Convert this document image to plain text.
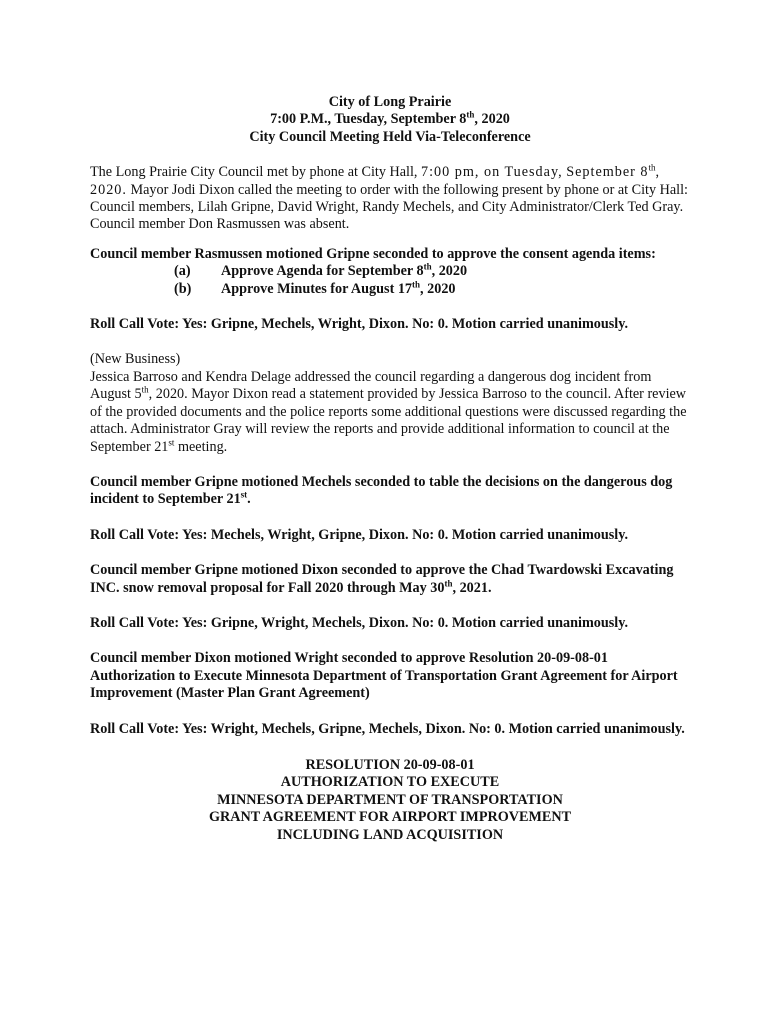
City of Long Prairie
7:00 P.M., Tuesday, September 8th, 2020
City Council Meeting Held Via-Teleconference

The Long Prairie City Council met by phone at City Hall, 7:00 pm, on Tuesday, September 8th, 2020. Mayor Jodi Dixon called the meeting to order with the following present by phone or at City Hall: Council members, Lilah Gripne, David Wright, Randy Mechels, and City Administrator/Clerk Ted Gray. Council member Don Rasmussen was absent.

Council member Rasmussen motioned Gripne seconded to approve the consent agenda items:

(a)	Approve Agenda for September 8th, 2020
(b)	Approve Minutes for August 17th, 2020

Roll Call Vote: Yes: Gripne, Mechels, Wright, Dixon. No: 0. Motion carried unanimously.

(New Business)

Jessica Barroso and Kendra Delage addressed the council regarding a dangerous dog incident from August 5th, 2020. Mayor Dixon read a statement provided by Jessica Barroso to the council. After review of the provided documents and the police reports some additional questions were discussed regarding the attach. Administrator Gray will review the reports and provide additional information to council at the September 21st meeting.

Council member Gripne motioned Mechels seconded to table the decisions on the dangerous dog incident to September 21st.

Roll Call Vote: Yes: Mechels, Wright, Gripne, Dixon. No: 0. Motion carried unanimously.

Council member Gripne motioned Dixon seconded to approve the Chad Twardowski Excavating INC. snow removal proposal for Fall 2020 through May 30th, 2021.

Roll Call Vote: Yes: Gripne, Wright, Mechels, Dixon. No: 0. Motion carried unanimously.

Council member Dixon motioned Wright seconded to approve Resolution 20-09-08-01 Authorization to Execute Minnesota Department of Transportation Grant Agreement for Airport Improvement (Master Plan Grant Agreement)

Roll Call Vote: Yes: Wright, Mechels, Gripne, Mechels, Dixon. No: 0. Motion carried unanimously.

RESOLUTION 20-09-08-01
AUTHORIZATION TO EXECUTE
MINNESOTA DEPARTMENT OF TRANSPORTATION
GRANT AGREEMENT FOR AIRPORT IMPROVEMENT
INCLUDING LAND ACQUISITION
